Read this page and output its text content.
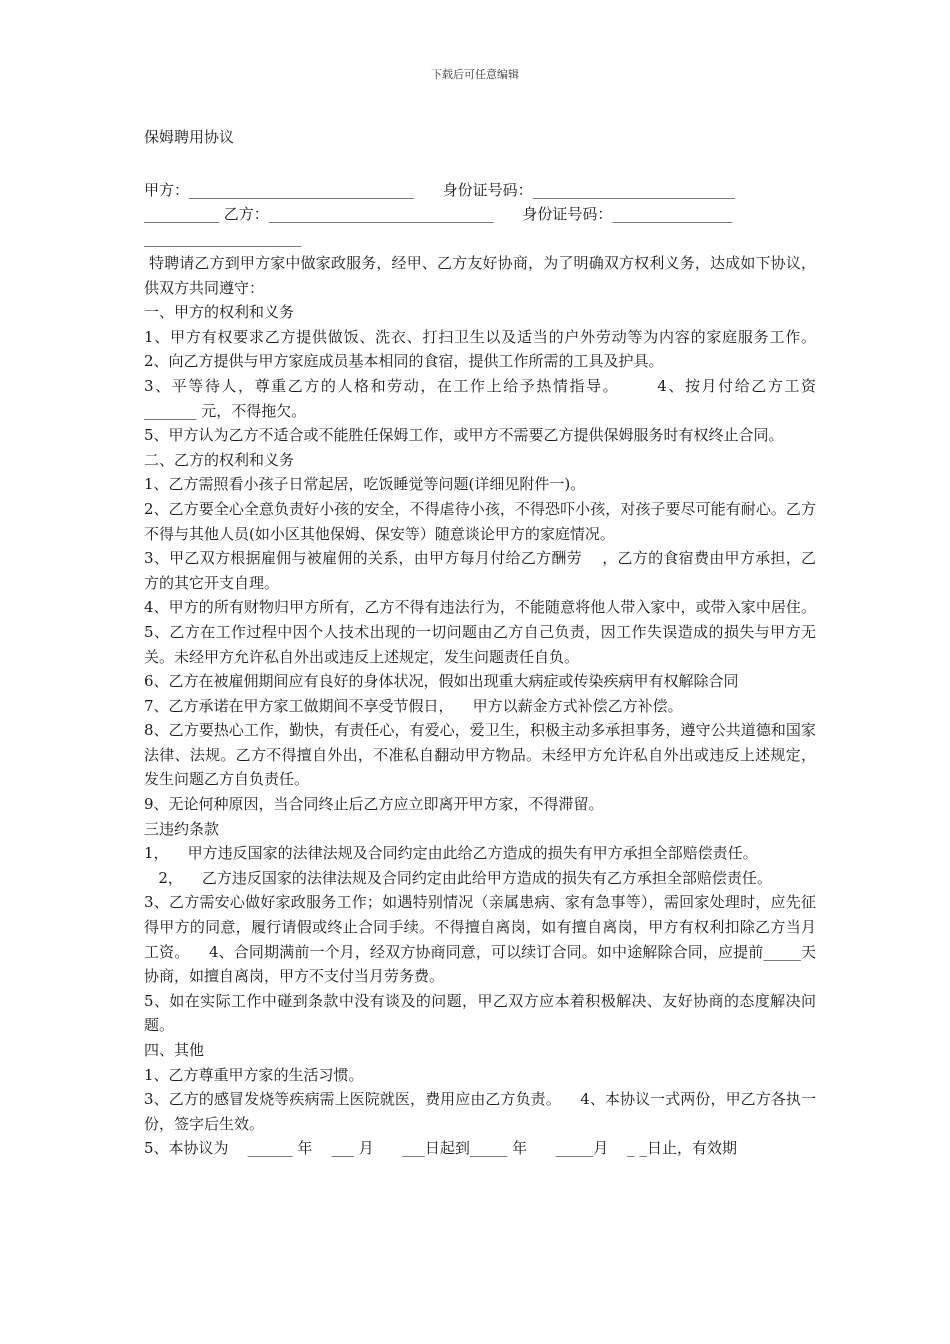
下载后可任意编辑
保姆聘用协议
甲方：______________________________      身份证号码：___________________________
__________ 乙方：______________________________      身份证号码：________________
_____________________

特聘请乙方到甲方家中做家政服务，经甲、乙方友好协商，为了明确双方权利义务，达成如下协议，供双方共同遵守：

一、甲方的权利和义务

1、甲方有权要求乙方提供做饭、洗衣、打扫卫生以及适当的户外劳动等为内容的家庭服务工作。    2、向乙方提供与甲方家庭成员基本相同的食宿，提供工作所需的工具及护具。

3、平等待人，尊重乙方的人格和劳动，在工作上给予热情指导。      4、按月付给乙方工资    _______ 元，不得拖欠。

5、甲方认为乙方不适合或不能胜任保姆工作，或甲方不需要乙方提供保姆服务时有权终止合同。

二、乙方的权利和义务

1、乙方需照看小孩子日常起居，吃饭睡觉等问题(详细见附件一)。

2、乙方要全心全意负责好小孩的安全，不得虐待小孩，不得恐吓小孩，对孩子要尽可能有耐心。乙方不得与其他人员(如小区其他保姆、保安等）随意谈论甲方的家庭情况。

3、甲乙双方根据雇佣与被雇佣的关系，由甲方每月付给乙方酬劳    ，乙方的食宿费由甲方承担，乙方的其它开支自理。

4、甲方的所有财物归甲方所有，乙方不得有违法行为，不能随意将他人带入家中，或带入家中居住。    5、乙方在工作过程中因个人技术出现的一切问题由乙方自己负责，因工作失误造成的损失与甲方无关。未经甲方允许私自外出或违反上述规定，发生问题责任自负。

6、乙方在被雇佣期间应有良好的身体状况，假如出现重大病症或传染疾病甲有权解除合同

7、乙方承诺在甲方家工做期间不享受节假日，    甲方以薪金方式补偿乙方补偿。

8、乙方要热心工作，勤快，有责任心，有爱心，爱卫生，积极主动多承担事务，遵守公共道德和国家法律、法规。乙方不得擅自外出，不准私自翻动甲方物品。未经甲方允许私自外出或违反上述规定，发生问题乙方自负责任。

9、无论何种原因，当合同终止后乙方应立即离开甲方家，不得滞留。

三违约条款

1，    甲方违反国家的法律法规及合同约定由此给乙方造成的损失有甲方承担全部赔偿责任。

2，    乙方违反国家的法律法规及合同约定由此给甲方造成的损失有乙方承担全部赔偿责任。

3、乙方需安心做好家政服务工作；如遇特别情况（亲属患病、家有急事等），需回家处理时，应先征得甲方的同意，履行请假或终止合同手续。不得擅自离岗，如有擅自离岗，甲方有权利扣除乙方当月工资。    4、合同期满前一个月，经双方协商同意，可以续订合同。如中途解除合同，应提前_____天协商，如擅自离岗，甲方不支付当月劳务费。

5、如在实际工作中碰到条款中没有谈及的问题，甲乙双方应本着积极解决、友好协商的态度解决问题。

四、其他

1、乙方尊重甲方家的生活习惯。

3、乙方的感冒发烧等疾病需上医院就医，费用应由乙方负责。    4、本协议一式两份，甲乙方各执一份，签字后生效。

5、本协议为    ______ 年    ___ 月      ___日起到_____ 年      _____月    _ _日止，有效期
